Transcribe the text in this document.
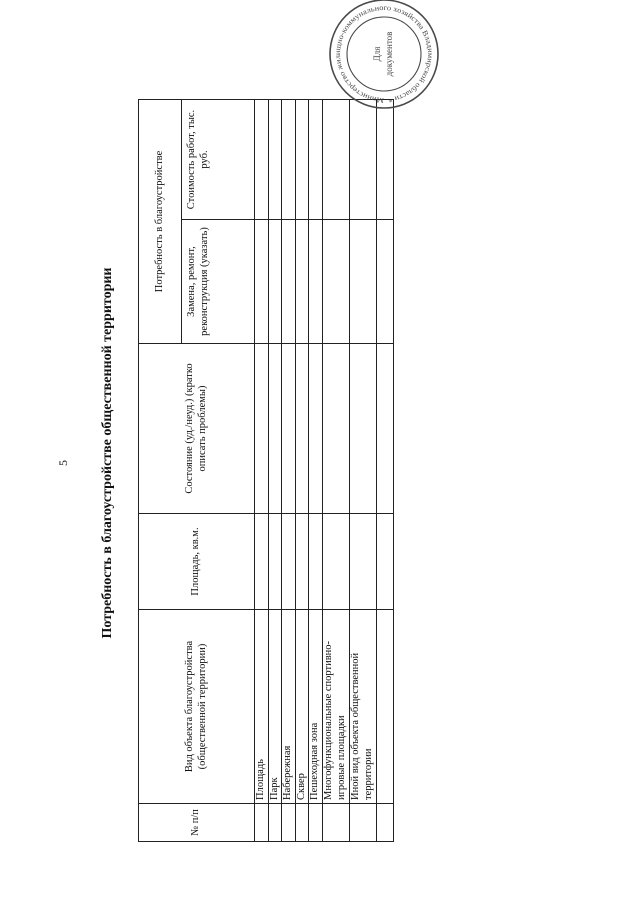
5 Потребность в благоустройстве общественной территории
№ п/п	Вид объекта благоустройства (общественной территории)	Площадь, кв.м.	Состояние (уд./неуд.) (кратко описать проблемы)	Потребность в благоустройстве	
				Замена, ремонт, реконструкция (указать)	Стоимость работ, тыс. руб.
	Площадь				
	Парк				
	Набережная				
	Сквер				
	Пешеходная зона				
	Многофункциональные спортивно-игровые площадки				
	Иной вид объекта общественной территории				

Министерство жилищно-коммунального хозяйства Владимирской области *
Для документов
